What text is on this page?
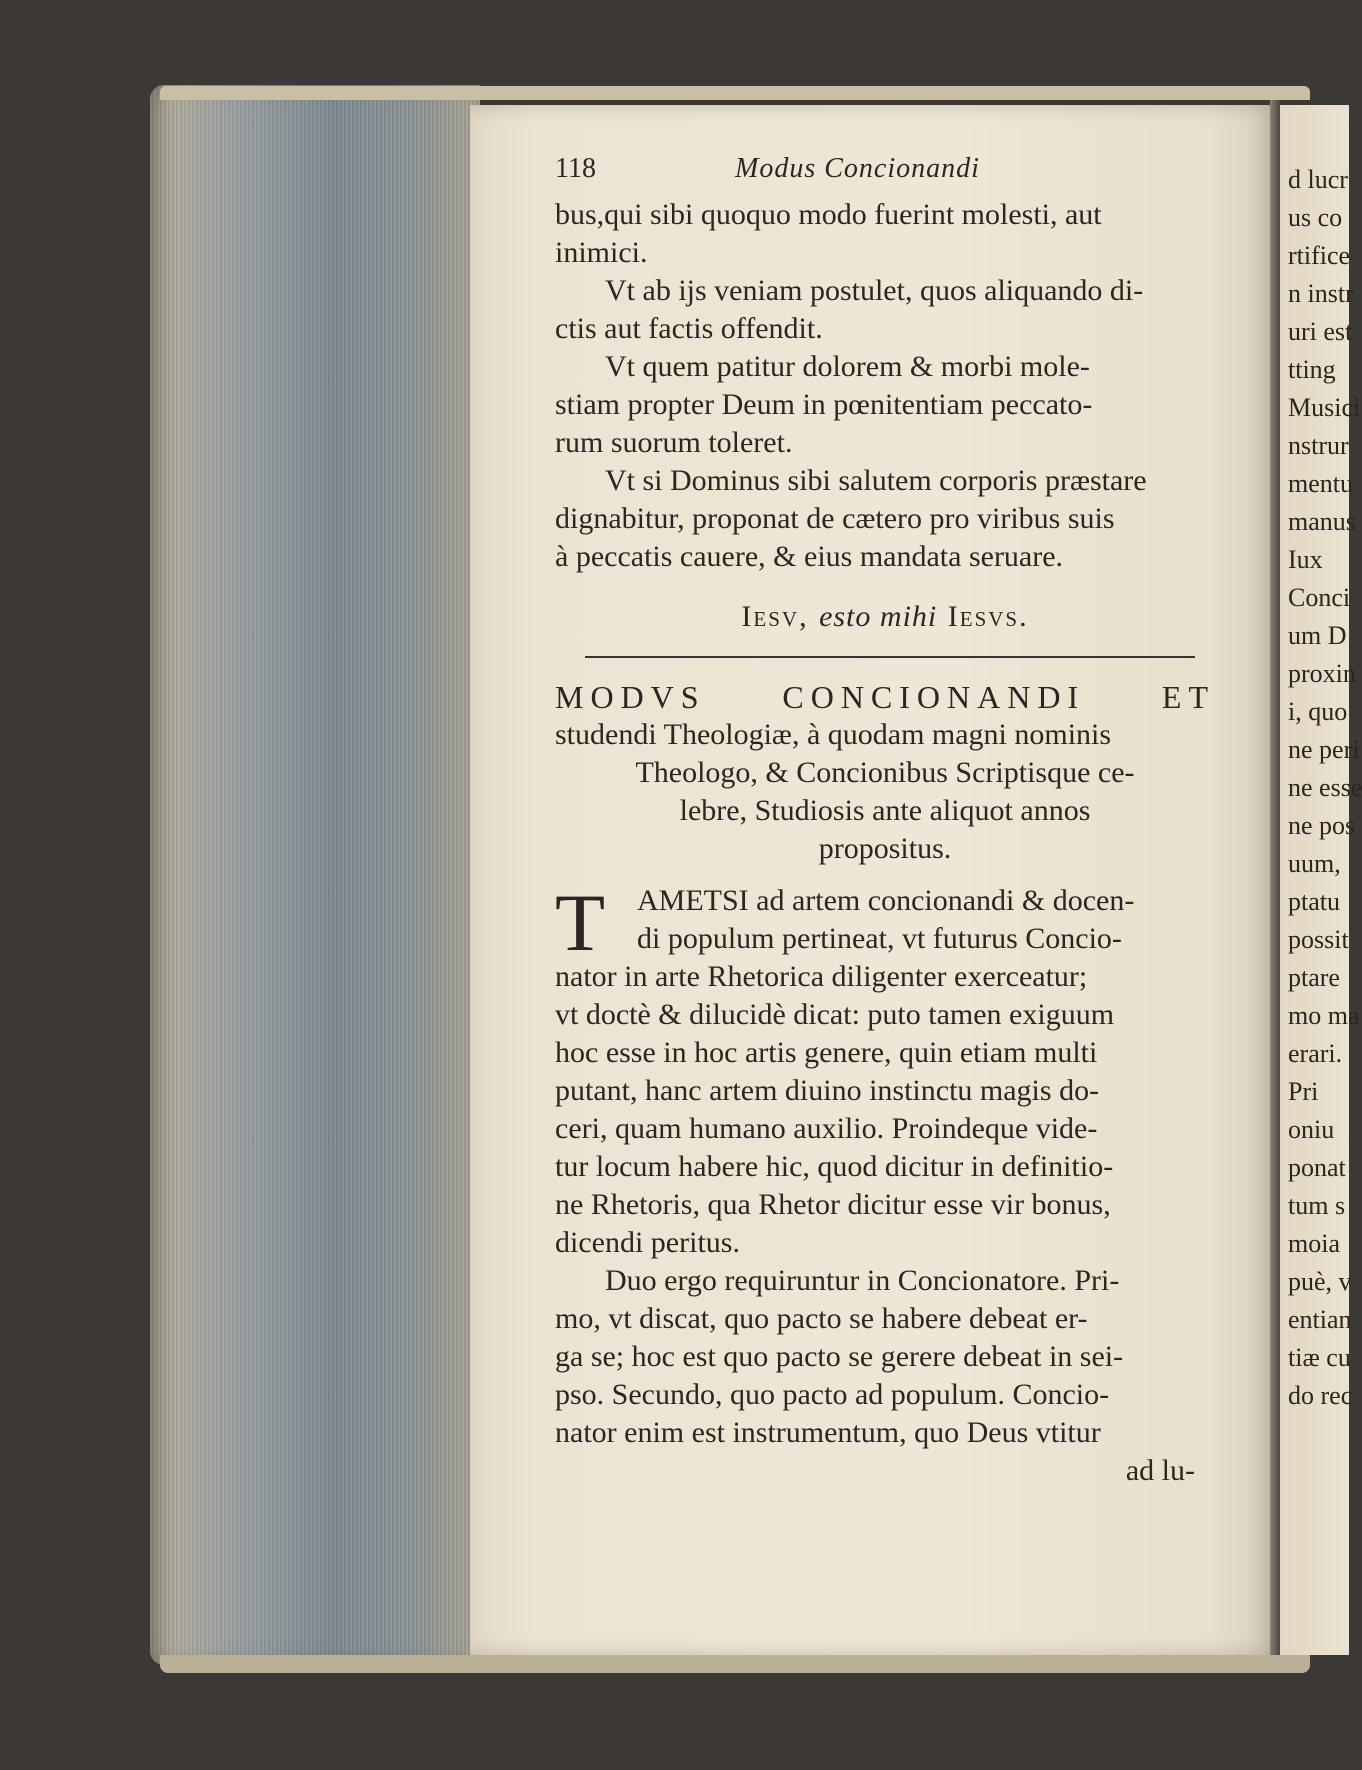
d lucr
us co
rtifice
n instr
uri est
tting
Musici
nstrur
mentu
manus
Iux
Conci
um D
proxin
i, quo
ne peri
ne esse
ne pos
uum,
ptatu
possit
ptare
mo ma
erari.
Pri
oniu
ponat
tum s
moia
puè, v
entian
tiæ cu
do rec
118	Modus Concionandi
bus,qui sibi quoquo modo fuerint molesti, aut
inimici.
Vt ab ijs veniam postulet, quos aliquando di-
ctis aut factis offendit.
Vt quem patitur dolorem & morbi mole-
stiam propter Deum in pœnitentiam peccato-
rum suorum toleret.
Vt si Dominus sibi salutem corporis præstare
dignabitur, proponat de cætero pro viribus suis
à peccatis cauere, & eius mandata seruare.
Iesv, esto mihi Iesvs.
MODVS CONCIONANDI ET
studendi Theologiæ, à quodam magni nominis
Theologo, & Concionibus Scriptisque ce-
lebre, Studiosis ante aliquot annos
propositus.
T	AMETSI ad artem concionandi & docen-
di populum pertineat, vt futurus Concio-
nator in arte Rhetorica diligenter exerceatur;
vt doctè & dilucidè dicat: puto tamen exiguum
hoc esse in hoc artis genere, quin etiam multi
putant, hanc artem diuino instinctu magis do-
ceri, quam humano auxilio. Proindeque vide-
tur locum habere hic, quod dicitur in definitio-
ne Rhetoris, qua Rhetor dicitur esse vir bonus,
dicendi peritus.
Duo ergo requiruntur in Concionatore. Pri-
mo, vt discat, quo pacto se habere debeat er-
ga se; hoc est quo pacto se gerere debeat in sei-
pso. Secundo, quo pacto ad populum. Concio-
nator enim est instrumentum, quo Deus vtitur
ad lu-
